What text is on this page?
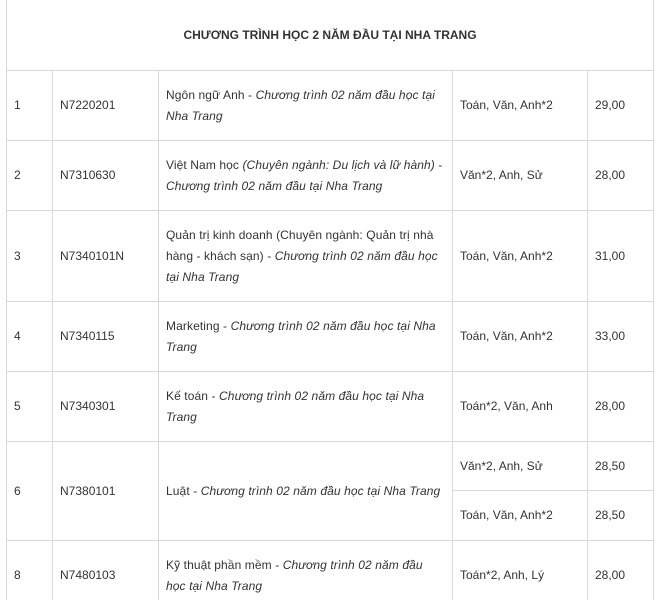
CHƯƠNG TRÌNH HỌC 2 NĂM ĐẦU TẠI NHA TRANG				
1	N7220201	Ngôn ngữ Anh - Chương trình 02 năm đầu học tại Nha Trang	Toán, Văn, Anh*2	29,00
2	N7310630	Việt Nam học (Chuyên ngành: Du lịch và lữ hành) - Chương trình 02 năm đầu tại Nha Trang	Văn*2, Anh, Sử	28,00
3	N7340101N	Quản trị kinh doanh (Chuyên ngành: Quản trị nhà hàng - khách sạn) - Chương trình 02 năm đầu học tại Nha Trang	Toán, Văn, Anh*2	31,00
4	N7340115	Marketing - Chương trình 02 năm đầu học tại Nha Trang	Toán, Văn, Anh*2	33,00
5	N7340301	Kế toán - Chương trình 02 năm đầu học tại Nha Trang	Toán*2, Văn, Anh	28,00
6	N7380101	Luật - Chương trình 02 năm đầu học tại Nha Trang	Văn*2, Anh, Sử	28,50
			Toán, Văn, Anh*2	28,50
8	N7480103	Kỹ thuật phần mềm - Chương trình 02 năm đầu học tại Nha Trang	Toán*2, Anh, Lý	28,00
